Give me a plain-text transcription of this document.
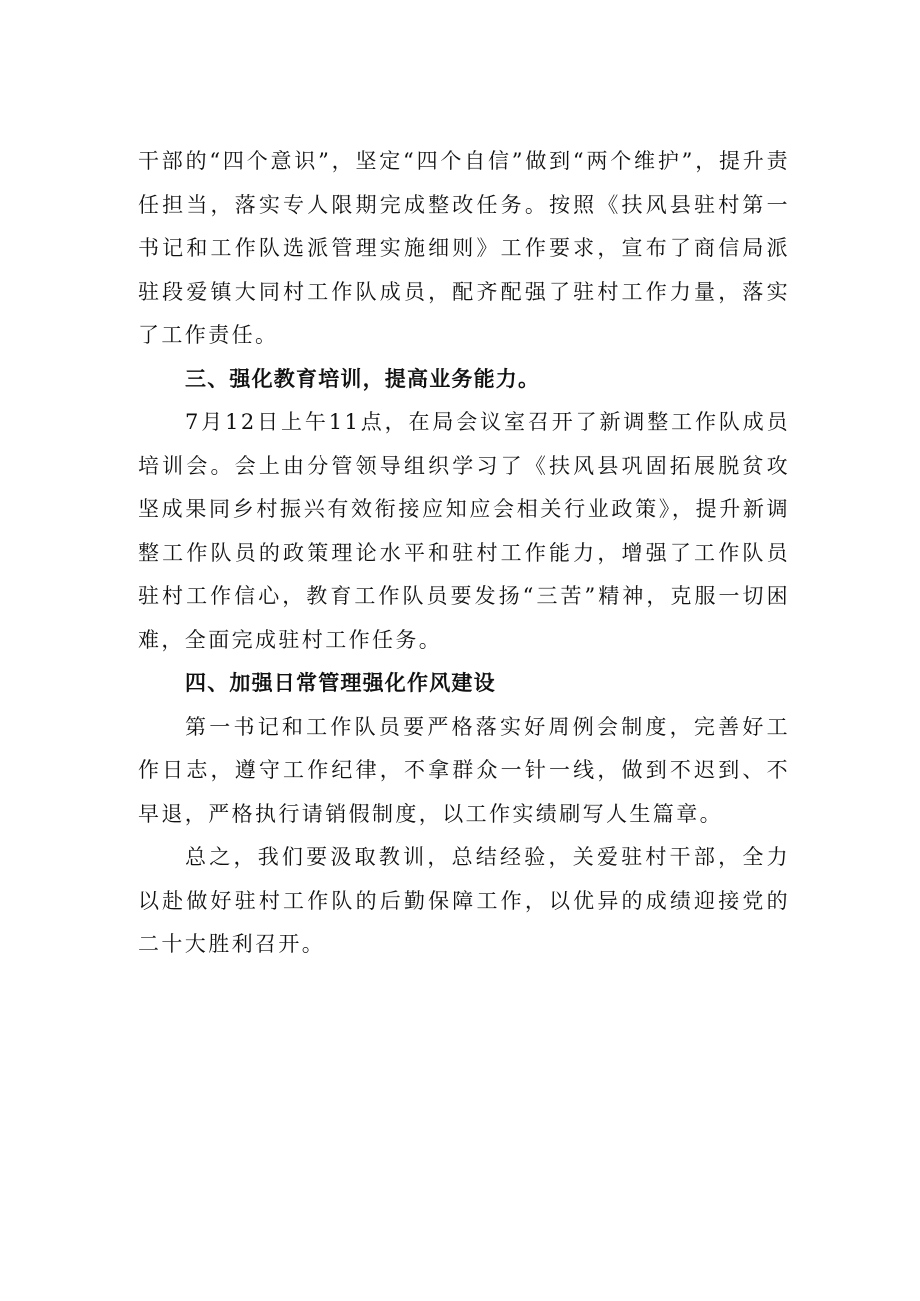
干部的“四个意识”，坚定“四个自信”做到“两个维护”，提升责任担当，落实专人限期完成整改任务。按照《扶风县驻村第一书记和工作队选派管理实施细则》工作要求，宣布了商信局派驻段爱镇大同村工作队成员，配齐配强了驻村工作力量，落实了工作责任。

三、强化教育培训，提高业务能力。

7月12日上午11点，在局会议室召开了新调整工作队成员培训会。会上由分管领导组织学习了《扶风县巩固拓展脱贫攻坚成果同乡村振兴有效衔接应知应会相关行业政策》，提升新调整工作队员的政策理论水平和驻村工作能力，增强了工作队员驻村工作信心，教育工作队员要发扬“三苦”精神，克服一切困难，全面完成驻村工作任务。

四、加强日常管理强化作风建设

第一书记和工作队员要严格落实好周例会制度，完善好工作日志，遵守工作纪律，不拿群众一针一线，做到不迟到、不早退，严格执行请销假制度，以工作实绩刷写人生篇章。

总之，我们要汲取教训，总结经验，关爱驻村干部，全力以赴做好驻村工作队的后勤保障工作，以优异的成绩迎接党的二十大胜利召开。
